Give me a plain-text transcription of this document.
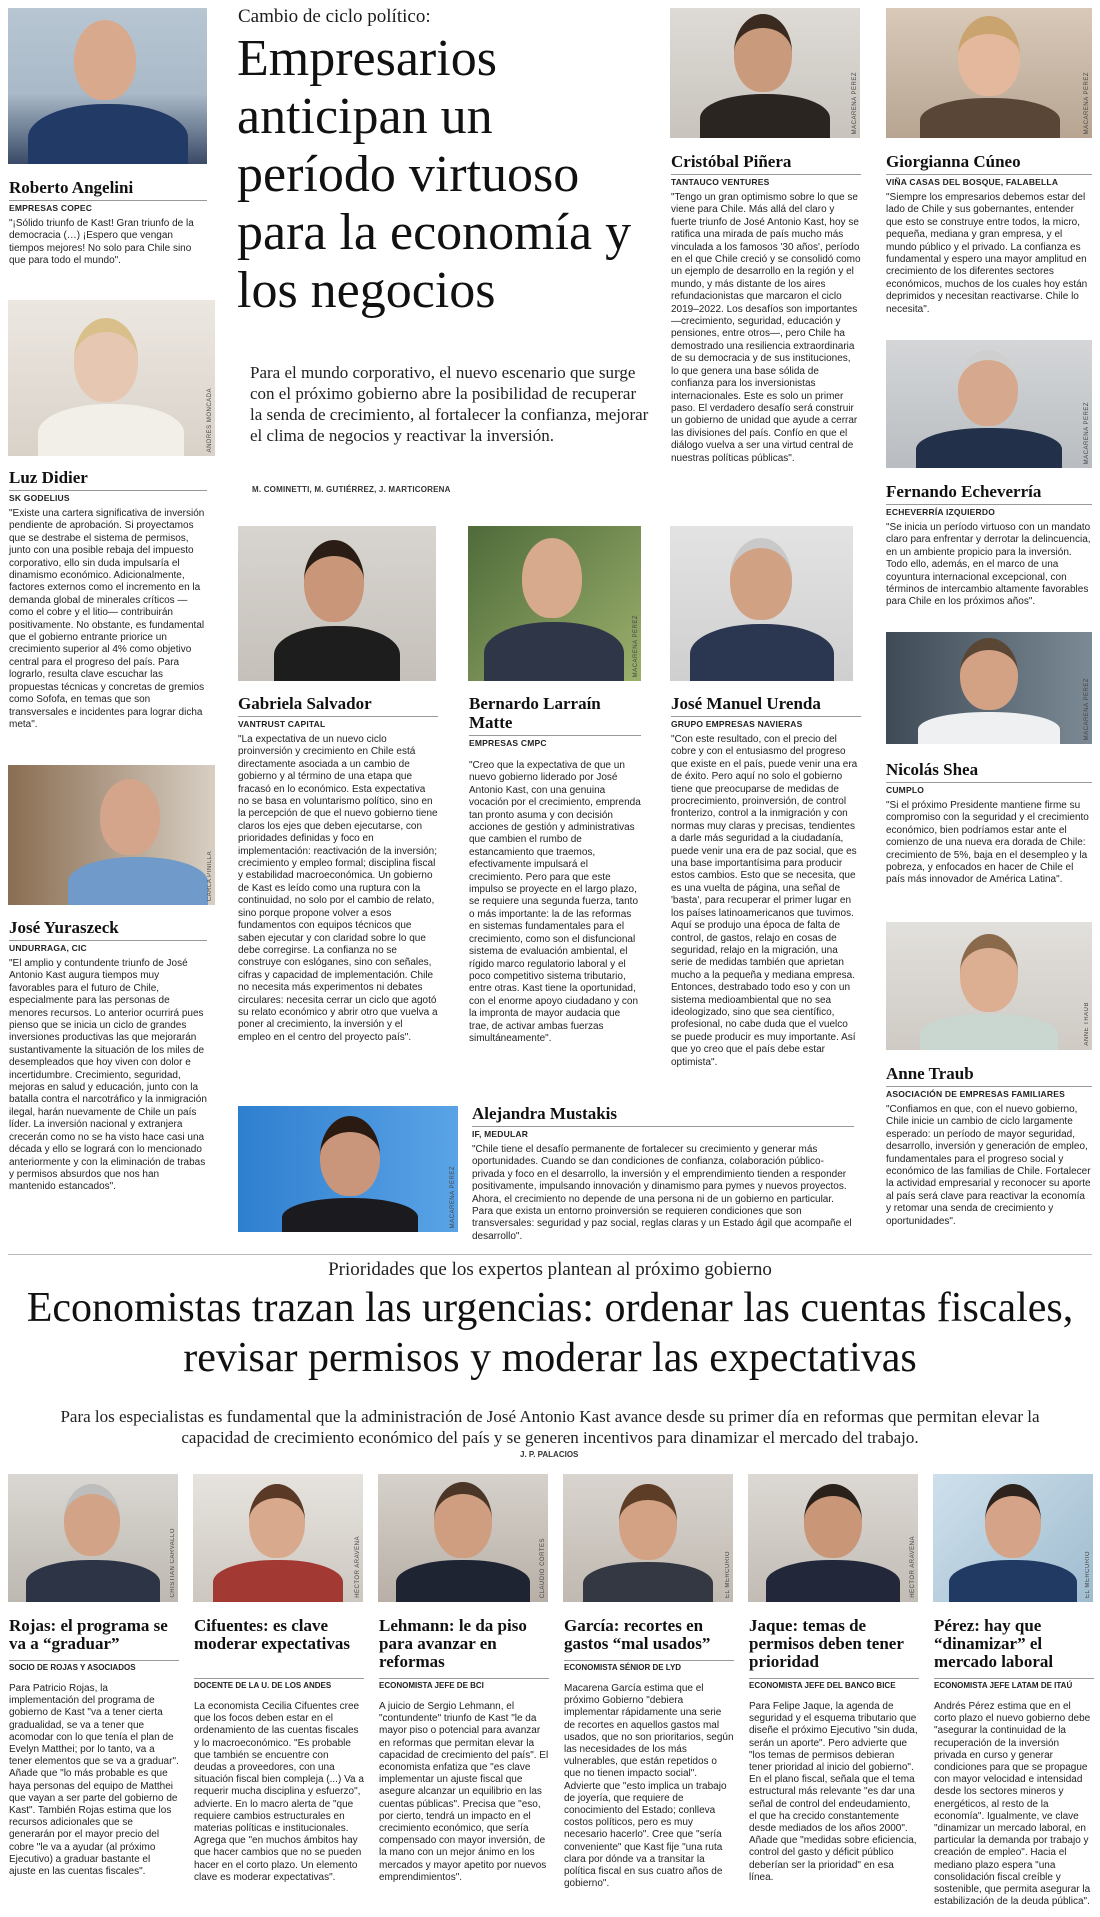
Cambio de ciclo político:
Empresarios anticipan un período virtuoso para la economía y los negocios
Para el mundo corporativo, el nuevo escenario que surge con el próximo gobierno abre la posibilidad de recuperar la senda de crecimiento, al fortalecer la confianza, mejorar el clima de negocios y reactivar la inversión.
M. COMINETTI, M. GUTIÉRREZ, J. MARTICORENA
Roberto Angelini
EMPRESAS COPEC
"¡Sólido triunfo de Kast! Gran triunfo de la democracia (…) ¡Espero que vengan tiempos mejores! No solo para Chile sino que para todo el mundo".
ANDRÉS MONCADA
Luz Didier
SK GODELIUS
"Existe una cartera significativa de inversión pendiente de aprobación. Si proyectamos que se destrabe el sistema de permisos, junto con una posible rebaja del impuesto corporativo, ello sin duda impulsaría el dinamismo económico. Adicionalmente, factores externos como el incremento en la demanda global de minerales críticos —como el cobre y el litio— contribuirán positivamente. No obstante, es fundamental que el gobierno entrante priorice un crecimiento superior al 4% como objetivo central para el progreso del país. Para lograrlo, resulta clave escuchar las propuestas técnicas y concretas de gremios como Sofofa, en temas que son transversales e incidentes para lograr dicha meta".
CARLA PINILLA
José Yuraszeck
UNDURRAGA, CIC
"El amplio y contundente triunfo de José Antonio Kast augura tiempos muy favorables para el futuro de Chile, especialmente para las personas de menores recursos. Lo anterior ocurrirá pues pienso que se inicia un ciclo de grandes inversiones productivas las que mejorarán sustantivamente la situación de los miles de desempleados que hoy viven con dolor e incertidumbre. Crecimiento, seguridad, mejoras en salud y educación, junto con la batalla contra el narcotráfico y la inmigración ilegal, harán nuevamente de Chile un país líder. La inversión nacional y extranjera crecerán como no se ha visto hace casi una década y ello se logrará con lo mencionado anteriormente y con la eliminación de trabas y permisos absurdos que nos han mantenido estancados".
Gabriela Salvador
VANTRUST CAPITAL
"La expectativa de un nuevo ciclo proinversión y crecimiento en Chile está directamente asociada a un cambio de gobierno y al término de una etapa que fracasó en lo económico. Esta expectativa no se basa en voluntarismo político, sino en la percepción de que el nuevo gobierno tiene claros los ejes que deben ejecutarse, con prioridades definidas y foco en implementación: reactivación de la inversión; crecimiento y empleo formal; disciplina fiscal y estabilidad macroeconómica. Un gobierno de Kast es leído como una ruptura con la continuidad, no solo por el cambio de relato, sino porque propone volver a esos fundamentos con equipos técnicos que saben ejecutar y con claridad sobre lo que debe corregirse. La confianza no se construye con eslóganes, sino con señales, cifras y capacidad de implementación. Chile no necesita más experimentos ni debates circulares: necesita cerrar un ciclo que agotó su relato económico y abrir otro que vuelva a poner al crecimiento, la inversión y el empleo en el centro del proyecto país".
MACARENA PÉREZ
Bernardo Larraín Matte
EMPRESAS CMPC
"Creo que la expectativa de que un nuevo gobierno liderado por José Antonio Kast, con una genuina vocación por el crecimiento, emprenda tan pronto asuma y con decisión acciones de gestión y administrativas que cambien el rumbo de estancamiento que traemos, efectivamente impulsará el crecimiento. Pero para que este impulso se proyecte en el largo plazo, se requiere una segunda fuerza, tanto o más importante: la de las reformas en sistemas fundamentales para el crecimiento, como son el disfuncional sistema de evaluación ambiental, el rígido marco regulatorio laboral y el poco competitivo sistema tributario, entre otras. Kast tiene la oportunidad, con el enorme apoyo ciudadano y con la impronta de mayor audacia que trae, de activar ambas fuerzas simultáneamente".
MACARENA PÉREZ
Cristóbal Piñera
TANTAUCO VENTURES
"Tengo un gran optimismo sobre lo que se viene para Chile. Más allá del claro y fuerte triunfo de José Antonio Kast, hoy se ratifica una mirada de país mucho más vinculada a los famosos '30 años', período en el que Chile creció y se consolidó como un ejemplo de desarrollo en la región y el mundo, y más distante de los aires refundacionistas que marcaron el ciclo 2019–2022. Los desafíos son importantes—crecimiento, seguridad, educación y pensiones, entre otros—, pero Chile ha demostrado una resiliencia extraordinaria de su democracia y de sus instituciones, lo que genera una base sólida de confianza para los inversionistas internacionales. Este es solo un primer paso. El verdadero desafío será construir un gobierno de unidad que ayude a cerrar las divisiones del país. Confío en que el diálogo vuelva a ser una virtud central de nuestras políticas públicas".
José Manuel Urenda
GRUPO EMPRESAS NAVIERAS
"Con este resultado, con el precio del cobre y con el entusiasmo del progreso que existe en el país, puede venir una era de éxito. Pero aquí no solo el gobierno tiene que preocuparse de medidas de procrecimiento, proinversión, de control fronterizo, control a la inmigración y con normas muy claras y precisas, tendientes a darle más seguridad a la ciudadanía, puede venir una era de paz social, que es una base importantísima para producir estos cambios. Esto que se necesita, que es una vuelta de página, una señal de 'basta', para recuperar el primer lugar en los países latinoamericanos que tuvimos. Aquí se produjo una época de falta de control, de gastos, relajo en cosas de seguridad, relajo en la migración, una serie de medidas también que aprietan mucho a la pequeña y mediana empresa. Entonces, destrabado todo eso y con un sistema medioambiental que no sea ideologizado, sino que sea científico, profesional, no cabe duda que el vuelco se puede producir es muy importante. Así que yo creo que el país debe estar optimista".
MACARENA PÉREZ
Giorgianna Cúneo
VIÑA CASAS DEL BOSQUE, FALABELLA
"Siempre los empresarios debemos estar del lado de Chile y sus gobernantes, entender que esto se construye entre todos, la micro, pequeña, mediana y gran empresa, y el mundo público y el privado. La confianza es fundamental y espero una mayor amplitud en crecimiento de los diferentes sectores económicos, muchos de los cuales hoy están deprimidos y necesitan reactivarse. Chile lo necesita".
MACARENA PÉREZ
Fernando Echeverría
ECHEVERRÍA IZQUIERDO
"Se inicia un período virtuoso con un mandato claro para enfrentar y derrotar la delincuencia, en un ambiente propicio para la inversión. Todo ello, además, en el marco de una coyuntura internacional excepcional, con términos de intercambio altamente favorables para Chile en los próximos años".
MACARENA PÉREZ
Nicolás Shea
CUMPLO
"Si el próximo Presidente mantiene firme su compromiso con la seguridad y el crecimiento económico, bien podríamos estar ante el comienzo de una nueva era dorada de Chile: crecimiento de 5%, baja en el desempleo y la pobreza, y enfocados en hacer de Chile el país más innovador de América Latina".
ANNE TRAUB
Anne Traub
ASOCIACIÓN DE EMPRESAS FAMILIARES
"Confiamos en que, con el nuevo gobierno, Chile inicie un cambio de ciclo largamente esperado: un período de mayor seguridad, desarrollo, inversión y generación de empleo, fundamentales para el progreso social y económico de las familias de Chile. Fortalecer la actividad empresarial y reconocer su aporte al país será clave para reactivar la economía y retomar una senda de crecimiento y oportunidades".
MACARENA PÉREZ
Alejandra Mustakis
IF, MEDULAR
"Chile tiene el desafío permanente de fortalecer su crecimiento y generar más oportunidades. Cuando se dan condiciones de confianza, colaboración público-privada y foco en el desarrollo, la inversión y el emprendimiento tienden a responder positivamente, impulsando innovación y dinamismo para pymes y nuevos proyectos. Ahora, el crecimiento no depende de una persona ni de un gobierno en particular. Para que exista un entorno proinversión se requieren condiciones que son transversales: seguridad y paz social, reglas claras y un Estado ágil que acompañe el desarrollo".
Prioridades que los expertos plantean al próximo gobierno
Economistas trazan las urgencias: ordenar las cuentas fiscales, revisar permisos y moderar las expectativas
Para los especialistas es fundamental que la administración de José Antonio Kast avance desde su primer día en reformas que permitan elevar la capacidad de crecimiento económico del país y se generen incentivos para dinamizar el mercado del trabajo.
J. P. PALACIOS
CRISTIAN CARVALLO
Rojas: el programa se va a “graduar”
SOCIO DE ROJAS Y ASOCIADOS
Para Patricio Rojas, la implementación del programa de gobierno de Kast "va a tener cierta gradualidad, se va a tener que acomodar con lo que tenía el plan de Evelyn Matthei; por lo tanto, va a tener elementos que se va a graduar". Añade que "lo más probable es que haya personas del equipo de Matthei que vayan a ser parte del gobierno de Kast". También Rojas estima que los recursos adicionales que se generarán por el mayor precio del cobre "le va a ayudar (al próximo Ejecutivo) a graduar bastante el ajuste en las cuentas fiscales".
HÉCTOR ARAVENA
Cifuentes: es clave moderar expectativas
DOCENTE DE LA U. DE LOS ANDES
La economista Cecilia Cifuentes cree que los focos deben estar en el ordenamiento de las cuentas fiscales y lo macroeconómico. "Es probable que también se encuentre con deudas a proveedores, con una situación fiscal bien compleja (...) Va a requerir mucha disciplina y esfuerzo", advierte. En lo macro alerta de "que requiere cambios estructurales en materias políticas e institucionales. Agrega que "en muchos ámbitos hay que hacer cambios que no se pueden hacer en el corto plazo. Un elemento clave es moderar expectativas".
CLAUDIO CORTÉS
Lehmann: le da piso para avanzar en reformas
ECONOMISTA JEFE DE BCI
A juicio de Sergio Lehmann, el "contundente" triunfo de Kast "le da mayor piso o potencial para avanzar en reformas que permitan elevar la capacidad de crecimiento del país". El economista enfatiza que "es clave implementar un ajuste fiscal que asegure alcanzar un equilibrio en las cuentas públicas". Precisa que "eso, por cierto, tendrá un impacto en el crecimiento económico, que sería compensado con mayor inversión, de la mano con un mejor ánimo en los mercados y mayor apetito por nuevos emprendimientos".
EL MERCURIO
García: recortes en gastos “mal usados”
ECONOMISTA SÉNIOR DE LYD
Macarena García estima que el próximo Gobierno "debiera implementar rápidamente una serie de recortes en aquellos gastos mal usados, que no son prioritarios, según las necesidades de los más vulnerables, que están repetidos o que no tienen impacto social". Advierte que "esto implica un trabajo de joyería, que requiere de conocimiento del Estado; conlleva costos políticos, pero es muy necesario hacerlo". Cree que "sería conveniente" que Kast fije "una ruta clara por dónde va a transitar la política fiscal en sus cuatro años de gobierno".
HÉCTOR ARAVENA
Jaque: temas de permisos deben tener prioridad
ECONOMISTA JEFE DEL BANCO BICE
Para Felipe Jaque, la agenda de seguridad y el esquema tributario que diseñe el próximo Ejecutivo "sin duda, serán un aporte". Pero advierte que "los temas de permisos debieran tener prioridad al inicio del gobierno". En el plano fiscal, señala que el tema estructural más relevante "es dar una señal de control del endeudamiento, el que ha crecido constantemente desde mediados de los años 2000". Añade que "medidas sobre eficiencia, control del gasto y déficit público deberían ser la prioridad" en esa línea.
EL MERCURIO
Pérez: hay que “dinamizar” el mercado laboral
ECONOMISTA JEFE LATAM DE ITAÚ
Andrés Pérez estima que en el corto plazo el nuevo gobierno debe "asegurar la continuidad de la recuperación de la inversión privada en curso y generar condiciones para que se propague con mayor velocidad e intensidad desde los sectores mineros y energéticos, al resto de la economía". Igualmente, ve clave "dinamizar un mercado laboral, en particular la demanda por trabajo y creación de empleo". Hacia el mediano plazo espera "una consolidación fiscal creíble y sostenible, que permita asegurar la estabilización de la deuda pública".
